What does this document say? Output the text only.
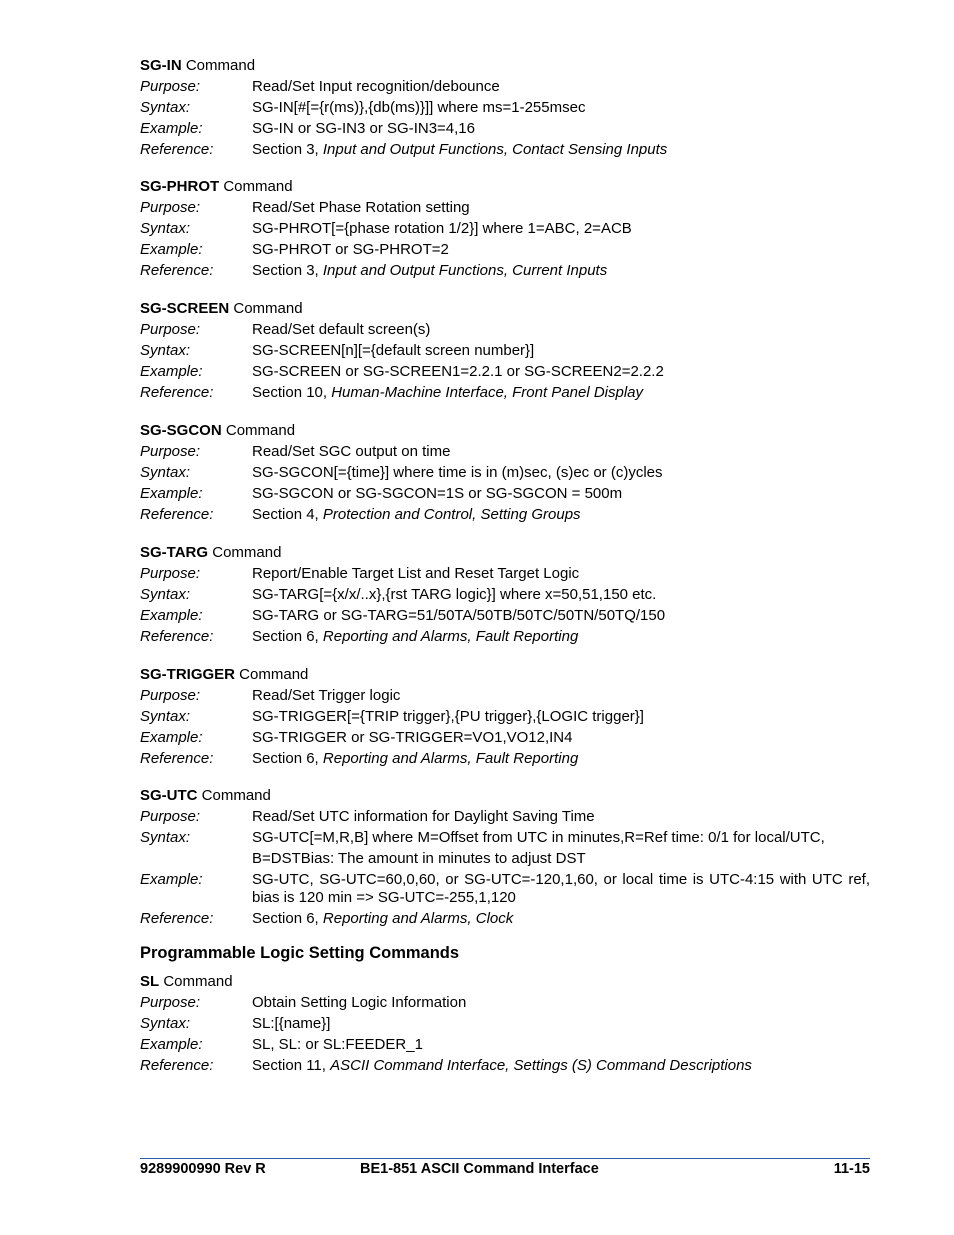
SG-IN Command
Purpose:	Read/Set Input recognition/debounce
Syntax:	SG-IN[#[={r(ms)},{db(ms)}]] where ms=1-255msec
Example:	SG-IN or SG-IN3 or SG-IN3=4,16
Reference:	Section 3, Input and Output Functions, Contact Sensing Inputs
SG-PHROT Command
Purpose:	Read/Set Phase Rotation setting
Syntax:	SG-PHROT[={phase rotation 1/2}] where 1=ABC, 2=ACB
Example:	SG-PHROT or SG-PHROT=2
Reference:	Section 3, Input and Output Functions, Current Inputs
SG-SCREEN Command
Purpose:	Read/Set default screen(s)
Syntax:	SG-SCREEN[n][={default screen number}]
Example:	SG-SCREEN or SG-SCREEN1=2.2.1 or SG-SCREEN2=2.2.2
Reference:	Section 10, Human-Machine Interface, Front Panel Display
SG-SGCON Command
Purpose:	Read/Set SGC output on time
Syntax:	SG-SGCON[={time}] where time is in (m)sec, (s)ec or (c)ycles
Example:	SG-SGCON or SG-SGCON=1S or SG-SGCON = 500m
Reference:	Section 4, Protection and Control, Setting Groups
SG-TARG Command
Purpose:	Report/Enable Target List and Reset Target Logic
Syntax:	SG-TARG[={x/x/..x},{rst TARG logic}] where x=50,51,150 etc.
Example:	SG-TARG or SG-TARG=51/50TA/50TB/50TC/50TN/50TQ/150
Reference:	Section 6, Reporting and Alarms, Fault Reporting
SG-TRIGGER Command
Purpose:	Read/Set Trigger logic
Syntax:	SG-TRIGGER[={TRIP trigger},{PU trigger},{LOGIC trigger}]
Example:	SG-TRIGGER or SG-TRIGGER=VO1,VO12,IN4
Reference:	Section 6, Reporting and Alarms, Fault Reporting
SG-UTC Command
Purpose:	Read/Set UTC information for Daylight Saving Time
Syntax:	SG-UTC[=M,R,B] where M=Offset from UTC in minutes,R=Ref time: 0/1 for local/UTC,
B=DSTBias: The amount in minutes to adjust DST
Example:	SG-UTC, SG-UTC=60,0,60, or SG-UTC=-120,1,60, or local time is UTC-4:15 with UTC ref, bias is 120 min => SG-UTC=-255,1,120
Reference:	Section 6, Reporting and Alarms, Clock
Programmable Logic Setting Commands
SL Command
Purpose:	Obtain Setting Logic Information
Syntax:	SL:[{name}]
Example:	SL, SL: or SL:FEEDER_1
Reference:	Section 11, ASCII Command Interface, Settings (S) Command Descriptions
9289900990 Rev R	BE1-851 ASCII Command Interface	11-15
